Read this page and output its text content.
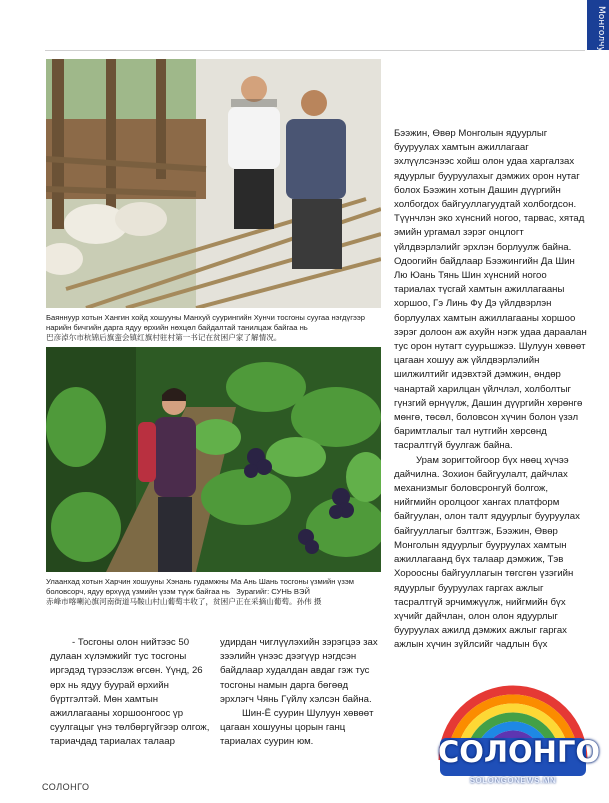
Монголчууд
Баяннуур хотын Хангин хойд хошууны Манхуй суурингийн Хунчи тосгоны суугаа нэгдүгээр нарийн бичгийн дарга ядуу өрхийн нөхцөл байдалтай танилцаж байгаа нь
巴彦淖尔市杭锦后旗蛮会镇红旗村驻村第一书记在贫困户家了解情况。
Улаанхад хотын Харчин хошууны Хэнань гудамжны Ма Ань Шань тосгоны үзмийн үзэм боловсорч, ядуу өрхүүд үзмийн үзэм түүж байгаа нь Зурагийг: СУНЬ ВЭЙ
赤峰市喀喇沁旗河南街道马鞍山村山葡萄丰收了，贫困户正在采摘山葡萄。孙伟 摄

Бээжин, Өвөр Монголын ядуурлыг бууруулах хамтын ажиллагааг эхлүүлсэнээс хойш олон удаа харгалзах ядуурлыг бууруулахыг дэмжих орон нутаг болох Бээжин хотын Дашин дүүргийн холбогдох байгууллагуудтай холбогдсон. Түүнчлэн эко хүнсний ногоо, тарвас, хятад эмийн ургамал зэрэг онцлогт үйлдвэрлэлийг эрхлэн борлуулж байна. Одоогийн байдлаар Бээжингийн Да Шин Лю Юань Тянь Шин хүнсний ногоо тариалах түсгай хамтын ажиллагааны хоршоо, Гэ Линь Фу Дэ үйлдвэрлэн борлуулах хамтын ажиллагааны хоршоо зэрэг долоон аж ахуйн нэгж удаа дараалан тус орон нутагт суурьшжээ. Шулуун хөвөөт цагаан хошуу аж үйлдвэрлэлийн шилжилтийг идэвхтэй дэмжин, өндөр чанартай харилцан үйлчлэл, холболтыг гүнзгий өрнүүлж, Дашин дүүргийн хөрөнгө мөнгө, төсөл, боловсон хүчин болон үзэл баримтлалыг тал нутгийн хөрсөнд тасралтгүй буулгаж байна.

Урам зоригтойгоор бүх нөөц хүчээ дайчилна. Зохион байгуулалт, дайчлах механизмыг боловсронгуй болгож, нийгмийн оролцоог хангах платформ байгуулан, олон талт ядуурлыг бууруулах байгууллагыг бэлтгэж, Бээжин, Өвөр Монголын ядуурлыг бууруулах хамтын ажиллагаанд бүх талаар дэмжиж, Тэв Хороосны байгууллагын төгсгөн үзэгийн ядуурлыг бууруулах гаргах ажлыг тасралтгүй эрчимжүүлж, нийгмийн бүх хүчийг дайчлан, олон олон ядуурлыг бууруулах ажилд дэмжих ажлыг гаргах ажлын хүчин зүйлсийг чадлын бүх

- Тосгоны олон нийтээс 50 дулаан хүлэмжийг тус тосгоны иргэдэд түрээслэж өгсөн. Үүнд, 26 өрх нь ядуу буурай өрхийн бүртгэлтэй. Мөн хамтын ажиллагааны хоршоонгоос үр суулгацыг үнэ төлбөргүйгээр олгож, тариачдад тариалах талаар

удирдан чиглүүлэхийн зэрэгцээ зах зээлийн үнээс дээгүүр нэгдсэн байдлаар худалдан авдаг гэж тус тосгоны намын дарга бөгөөд эрхлэгч Чянь Гүйлү хэлсэн байна.

Шин-Ё суурин Шулуун хөвөөт цагаан хошууны цорын ганц тариалах суурин юм.

СОЛОНГО
СОЛОНГО
SOLONGONEWS.MN
